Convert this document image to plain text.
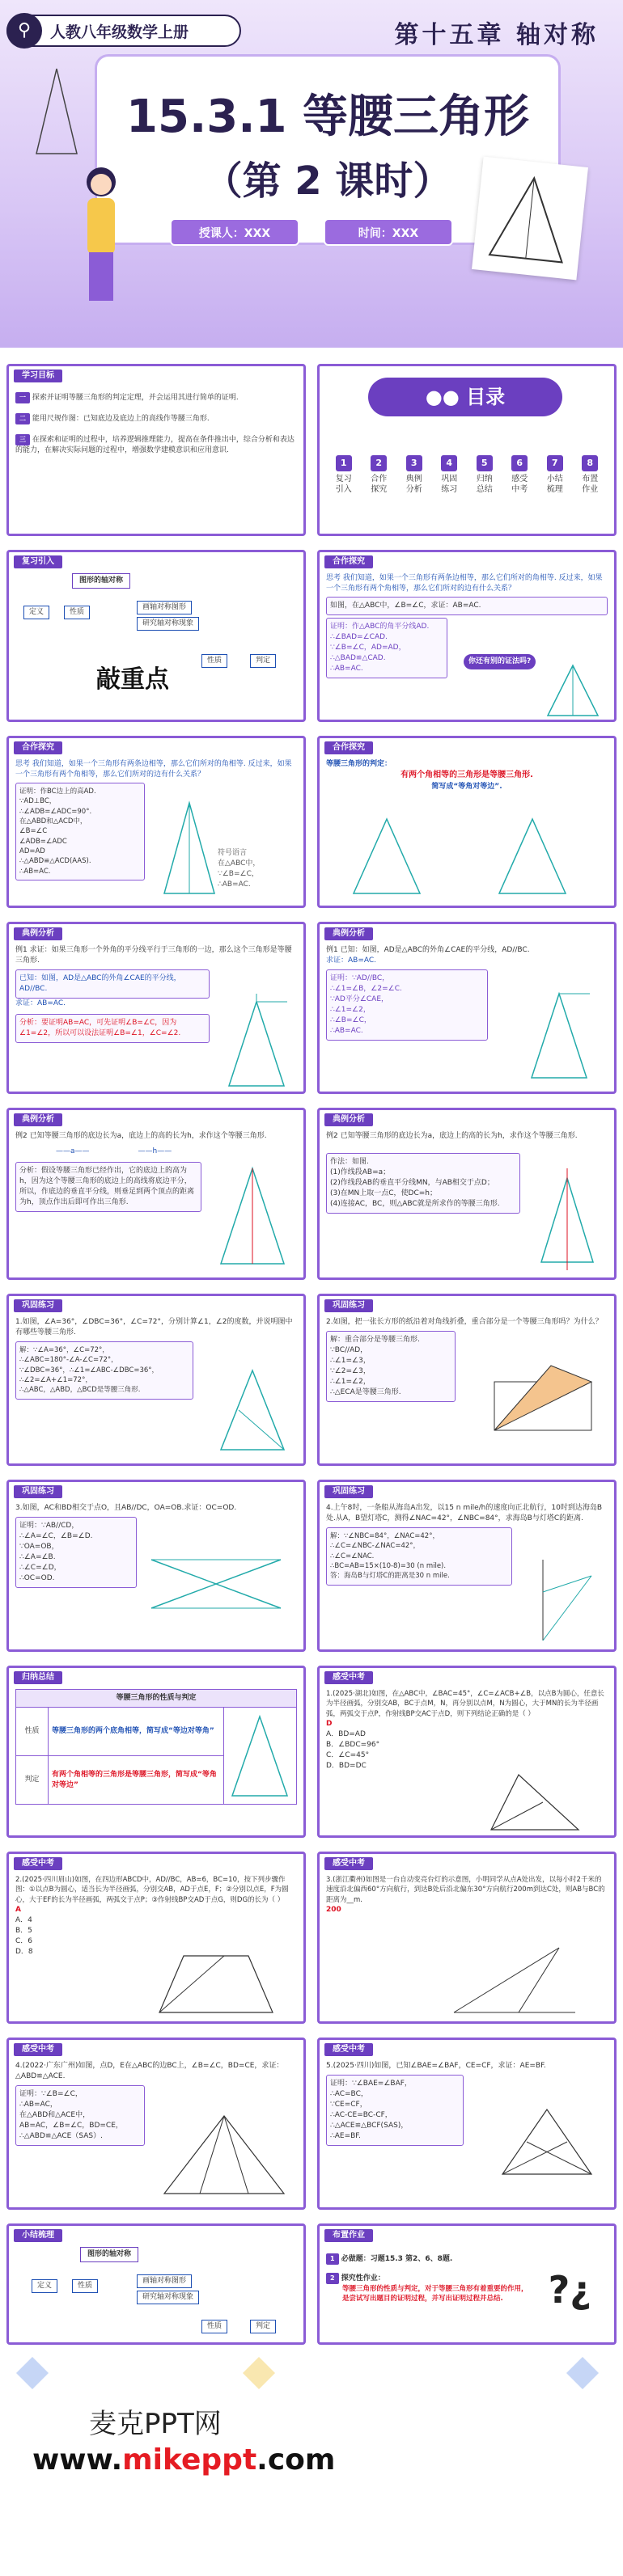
⚲	人教八年级数学上册	第十五章 轴对称
15.3.1 等腰三角形
（第 2 课时）
授课人：XXX	时间：XXX
学习目标

一 探索并证明等腰三角形的判定定理，并会运用其进行简单的证明.

二 能用尺规作图：已知底边及底边上的高线作等腰三角形.

三 在探索和证明的过程中，培养逻辑推理能力，提高在条件推出中，综合分析和表达的能力，在解决实际问题的过程中，增强数学建模意识和应用意识.

●● 目录
1
复习引入
2
合作探究
3
典例分析
4
巩固练习
5
归纳总结
6
感受中考
7
小结梳理
8
布置作业
复习引入
图形的轴对称
定义	性质
画轴对称图形
研究轴对称现象
性质	判定
敲重点
合作探究

思考 我们知道，如果一个三角形有两条边相等，那么它们所对的角相等. 反过来，如果一个三角形有两个角相等，那么它们所对的边有什么关系？

如图，在△ABC中，∠B=∠C，求证：AB=AC.

证明：作△ABC的角平分线AD.
∴∠BAD=∠CAD.
∵∠B=∠C，AD=AD，
∴△BAD≌△CAD.
∴AB=AC.

你还有别的证法吗?
合作探究

思考 我们知道，如果一个三角形有两条边相等，那么它们所对的角相等. 反过来，如果一个三角形有两个角相等，那么它们所对的边有什么关系？

证明：作BC边上的高AD.
∵AD⊥BC，
∴∠ADB=∠ADC=90°.
在△ABD和△ACD中，
∠B=∠C
∠ADB=∠ADC
AD=AD
∴△ABD≌△ACD(AAS).
∴AB=AC.

符号语言
在△ABC中，∵∠B=∠C，
∴AB=AC.

合作探究

等腰三角形的判定：

有两个角相等的三角形是等腰三角形.

简写成“等角对等边”.

典例分析

例1 求证：如果三角形一个外角的平分线平行于三角形的一边，那么这个三角形是等腰三角形.

已知：如图，AD是△ABC的外角∠CAE的平分线，AD//BC.

求证：AB=AC.

分析：要证明AB=AC，可先证明∠B=∠C，因为∠1=∠2，所以可以设法证明∠B=∠1，∠C=∠2.

典例分析

例1 已知：如图，AD是△ABC的外角∠CAE的平分线，AD//BC.

求证：AB=AC.

证明：∵AD//BC，
∴∠1=∠B，∠2=∠C.
∵AD平分∠CAE，
∴∠1=∠2，
∴∠B=∠C，
∴AB=AC.

典例分析

例2 已知等腰三角形的底边长为a，底边上的高的长为h，求作这个等腰三角形.

——a——	——h——

分析：假设等腰三角形已经作出，它的底边上的高为h，因为这个等腰三角形的底边上的高线将底边平分，所以，作底边的垂直平分线，则垂足到两个顶点的距离为h，顶点作出后即可作出三角形.

典例分析

例2 已知等腰三角形的底边长为a，底边上的高的长为h，求作这个等腰三角形.

作法：如图.
(1)作线段AB=a；
(2)作线段AB的垂直平分线MN，与AB相交于点D；
(3)在MN上取一点C，使DC=h；
(4)连接AC，BC，则△ABC就是所求作的等腰三角形.

巩固练习

1.如图，∠A=36°，∠DBC=36°，∠C=72°，分别计算∠1，∠2的度数，并说明图中有哪些等腰三角形.

解：∵∠A=36°，∠C=72°，
∴∠ABC=180°-∠A-∠C=72°，
∵∠DBC=36°，∴∠1=∠ABC-∠DBC=36°，
∴∠2=∠A+∠1=72°，
∴△ABC，△ABD，△BCD是等腰三角形.

巩固练习

2.如图，把一张长方形的纸沿着对角线折叠，重合部分是一个等腰三角形吗？为什么？

解：重合部分是等腰三角形.
∵BC//AD，
∴∠1=∠3，
∵∠2=∠3，
∴∠1=∠2，
∴△ECA是等腰三角形.

巩固练习

3.如图，AC和BD相交于点O，且AB//DC，OA=OB.求证：OC=OD.

证明：∵AB//CD，
∴∠A=∠C，∠B=∠D.
∵OA=OB，
∴∠A=∠B.
∴∠C=∠D，
∴OC=OD.

巩固练习

4.上午8时，一条船从海岛A出发，以15 n mile/h的速度向正北航行，10时到达海岛B处.从A，B望灯塔C，测得∠NAC=42°，∠NBC=84°，求海岛B与灯塔C的距离.

解：∵∠NBC=84°，∠NAC=42°，
∴∠C=∠NBC-∠NAC=42°，
∴∠C=∠NAC.
∴BC=AB=15×(10-8)=30 (n mile).
答：海岛B与灯塔C的距离是30 n mile.

归纳总结
等腰三角形的性质与判定		
性质	等腰三角形的两个底角相等，简写成“等边对等角”	

判定	有两个角相等的三角形是等腰三角形，简写成“等角对等边”	
感受中考

1.(2025·湖北)如图，在△ABC中，∠BAC=45°，∠C=∠ACB+∠B，以点B为圆心，任意长为半径画弧，分别交AB，BC于点M，N，再分别以点M，N为圆心，大于MN的长为半径画弧，两弧交于点P，作射线BP交AC于点D，则下列结论正确的是（ ）

D

A．BD=AD
B．∠BDC=96°
C．∠C=45°
D．BD=DC

感受中考

2.(2025·四川眉山)如图，在四边形ABCD中，AD//BC，AB=6，BC=10，按下列步骤作图：①以点B为圆心，适当长为半径画弧，分别交AB，AD于点E，F；②分别以点E，F为圆心，大于EF的长为半径画弧，两弧交于点P；③作射线BP交AD于点G，则DG的长为（ ）

A

A．4
B．5
C．6
D．8

感受中考

3.(浙江衢州)如图是一台自动变亮台灯的示意图，小明同学从点A处出发，以每小时2千米的速度沿北偏西60°方向航行，到达B处后沿北偏东30°方向航行200m到达C处，则AB与BC的距离为__m.

200

感受中考

4.(2022·广东广州)如图，点D，E在△ABC的边BC上，∠B=∠C，BD=CE，求证：△ABD≌△ACE.

证明：∵∠B=∠C，
∴AB=AC，
在△ABD和△ACE中，
AB=AC，∠B=∠C，BD=CE，
∴△ABD≌△ACE（SAS）.

感受中考

5.(2025·四川)如图，已知∠BAE=∠BAF，CE=CF，求证：AE=BF.

证明：∵∠BAE=∠BAF，
∴AC=BC，
∵CE=CF，
∴AC-CE=BC-CF，
∴△ACE≌△BCF(SAS)，
∴AE=BF.

小结梳理
图形的轴对称
定义	性质
画轴对称图形
研究轴对称现象
性质	判定
布置作业

1 必做题：习题15.3 第2、6、8题.

2 探究性作业：

等腰三角形的性质与判定，对于等腰三角形有着重要的作用，是尝试写出题目的证明过程，并写出证明过程并总结.	?¿
麦克PPT网
www.mikeppt.com
